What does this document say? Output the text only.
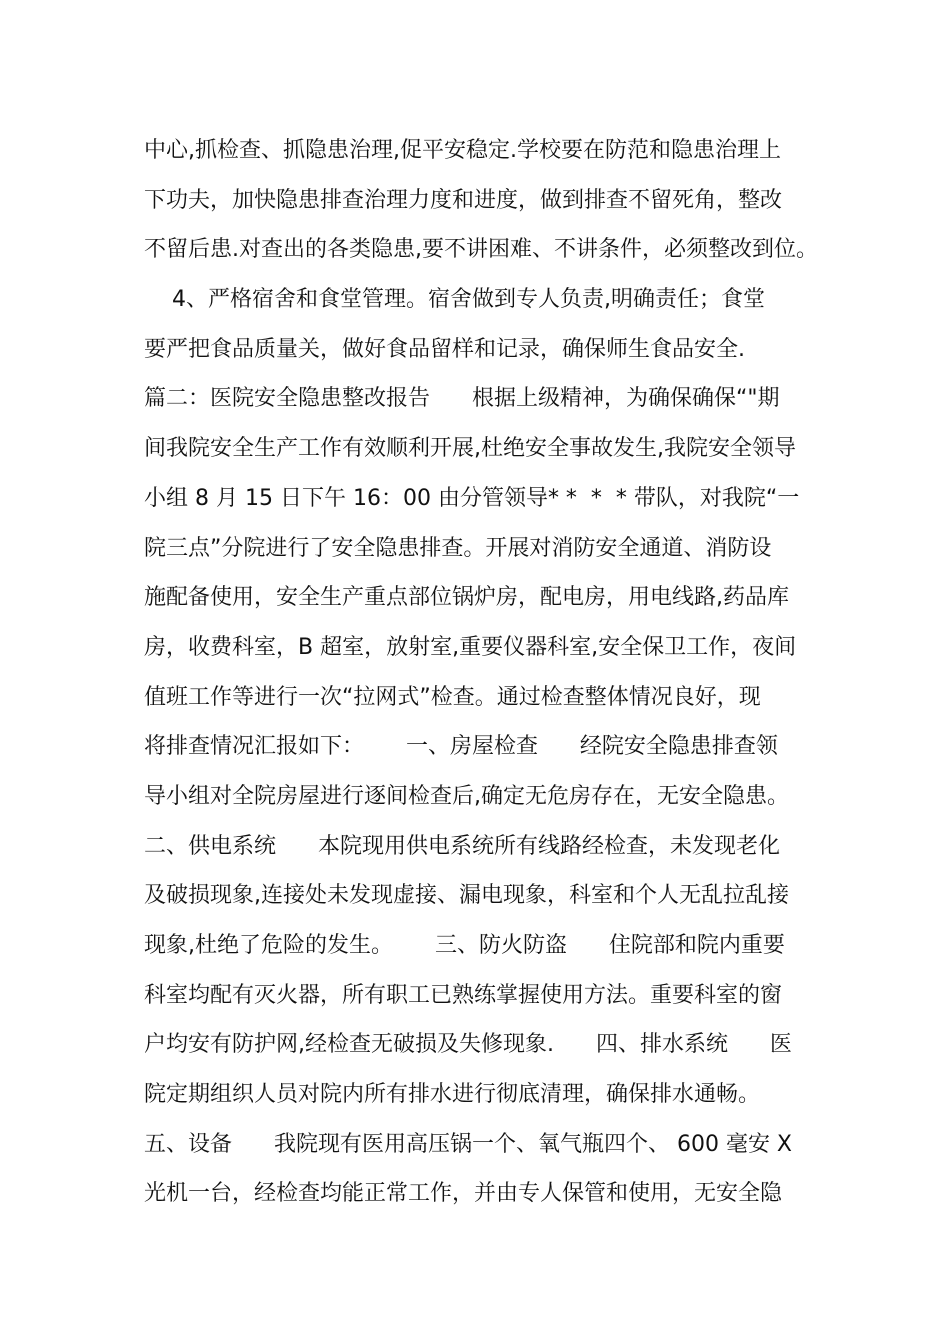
中心,抓检查、抓隐患治理,促平安稳定.学校要在防范和隐患治理上
下功夫，加快隐患排查治理力度和进度，做到排查不留死角，整改
不留后患.对查出的各类隐患,要不讲困难、不讲条件，必须整改到位。
4、严格宿舍和食堂管理。宿舍做到专人负责,明确责任；食堂
要严把食品质量关，做好食品留样和记录，确保师生食品安全.
篇二：医院安全隐患整改报告      根据上级精神，为确保确保“"期
间我院安全生产工作有效顺利开展,杜绝安全事故发生,我院安全领导
小组 8 月 15 日下午 16：00 由分管领导* *  *  * 带队，对我院“一
院三点”分院进行了安全隐患排查。开展对消防安全通道、消防设
施配备使用，安全生产重点部位锅炉房，配电房，用电线路,药品库
房，收费科室，B 超室，放射室,重要仪器科室,安全保卫工作，夜间
值班工作等进行一次“拉网式”检查。通过检查整体情况良好，现
将排查情况汇报如下：      一、房屋检查      经院安全隐患排查领
导小组对全院房屋进行逐间检查后,确定无危房存在，无安全隐患。
二、供电系统      本院现用供电系统所有线路经检查，未发现老化
及破损现象,连接处未发现虚接、漏电现象，科室和个人无乱拉乱接
现象,杜绝了危险的发生。      三、防火防盗      住院部和院内重要
科室均配有灭火器，所有职工已熟练掌握使用方法。重要科室的窗
户均安有防护网,经检查无破损及失修现象.      四、排水系统      医
院定期组织人员对院内所有排水进行彻底清理，确保排水通畅。
五、设备      我院现有医用高压锅一个、氧气瓶四个、 600 毫安 X
光机一台，经检查均能正常工作，并由专人保管和使用，无安全隐
